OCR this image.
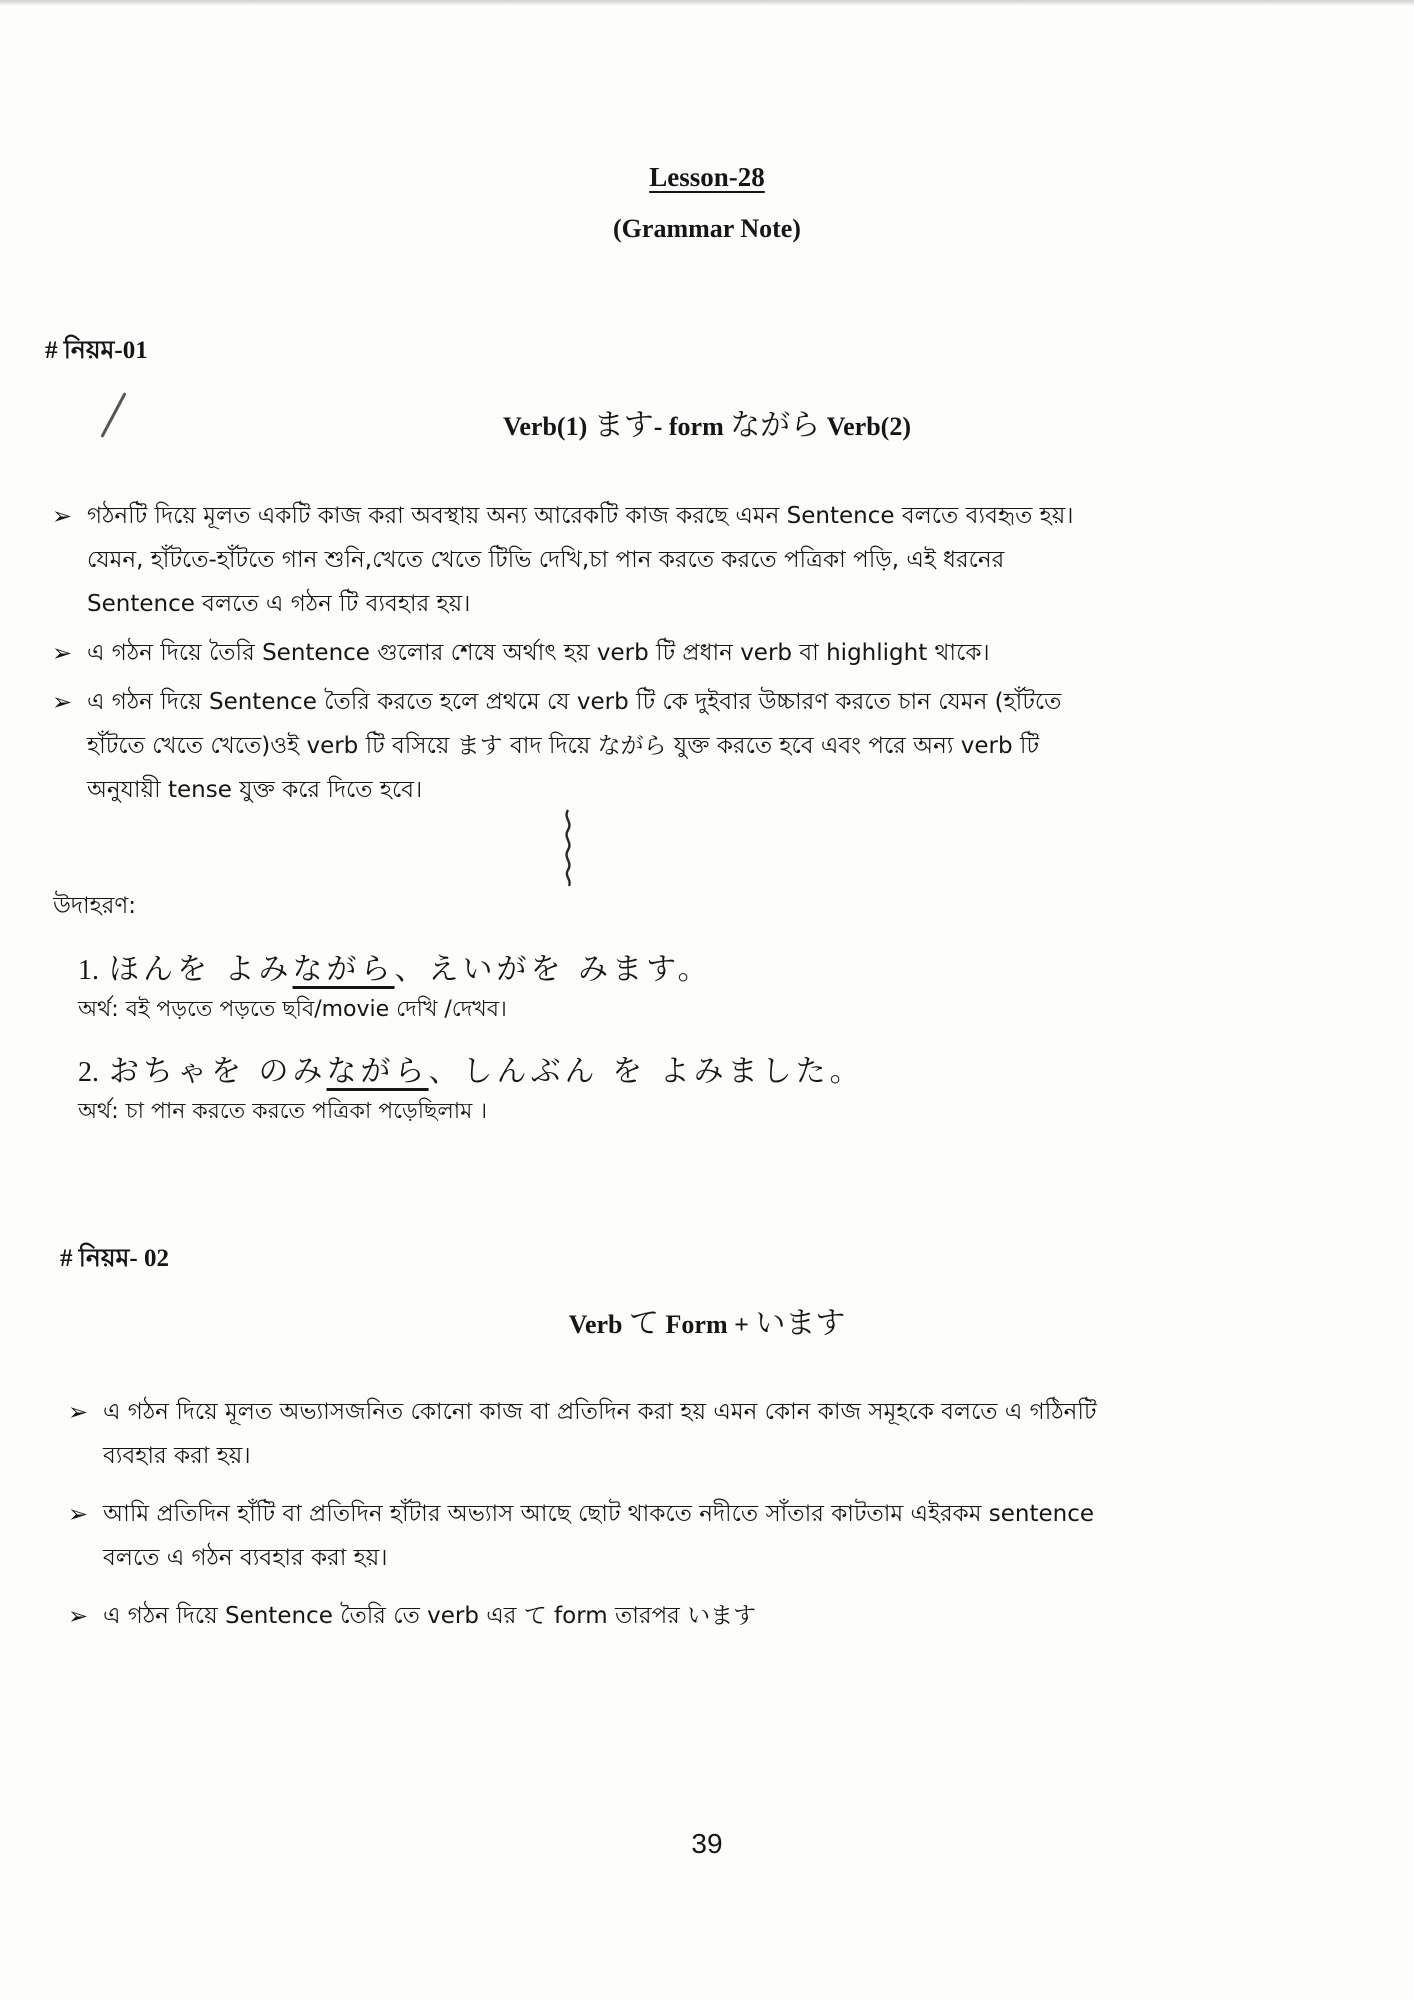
Lesson-28
(Grammar Note)
# নিয়ম-01
Verb(1) ます- form ながら Verb(2)
➢ গঠনটি দিয়ে মূলত একটি কাজ করা অবস্থায় অন্য আরেকটি কাজ করছে এমন Sentence বলতে ব্যবহৃত হয়। যেমন, হাঁটতে-হাঁটতে গান শুনি,খেতে খেতে টিভি দেখি,চা পান করতে করতে পত্রিকা পড়ি, এই ধরনের Sentence বলতে এ গঠন টি ব্যবহার হয়।
➢ এ গঠন দিয়ে তৈরি Sentence গুলোর শেষে অর্থাৎ হয় verb টি প্রধান verb বা highlight থাকে।
➢ এ গঠন দিয়ে Sentence তৈরি করতে হলে প্রথমে যে verb টি কে দুইবার উচ্চারণ করতে চান যেমন (হাঁটতে হাঁটতে খেতে খেতে)ওই verb টি বসিয়ে ます বাদ দিয়ে ながら যুক্ত করতে হবে এবং পরে অন্য verb টি অনুযায়ী tense যুক্ত করে দিতে হবে।
উদাহরণ:
1. ほんを よみながら、えいがを みます。
অর্থ: বই পড়তে পড়তে ছবি/movie দেখি /দেখব।
2. おちゃを のみながら、しんぶん を よみました。
অর্থ: চা পান করতে করতে পত্রিকা পড়েছিলাম ।
# নিয়ম- 02
Verb て Form + います
➢ এ গঠন দিয়ে মূলত অভ্যাসজনিত কোনো কাজ বা প্রতিদিন করা হয় এমন কোন কাজ সমূহকে বলতে এ গঠিনটি ব্যবহার করা হয়।
➢ আমি প্রতিদিন হাঁটি বা প্রতিদিন হাঁটার অভ্যাস আছে ছোট থাকতে নদীতে সাঁতার কাটতাম এইরকম sentence বলতে এ গঠন ব্যবহার করা হয়।
➢ এ গঠন দিয়ে Sentence তৈরি তে verb এর て form তারপর います
39
